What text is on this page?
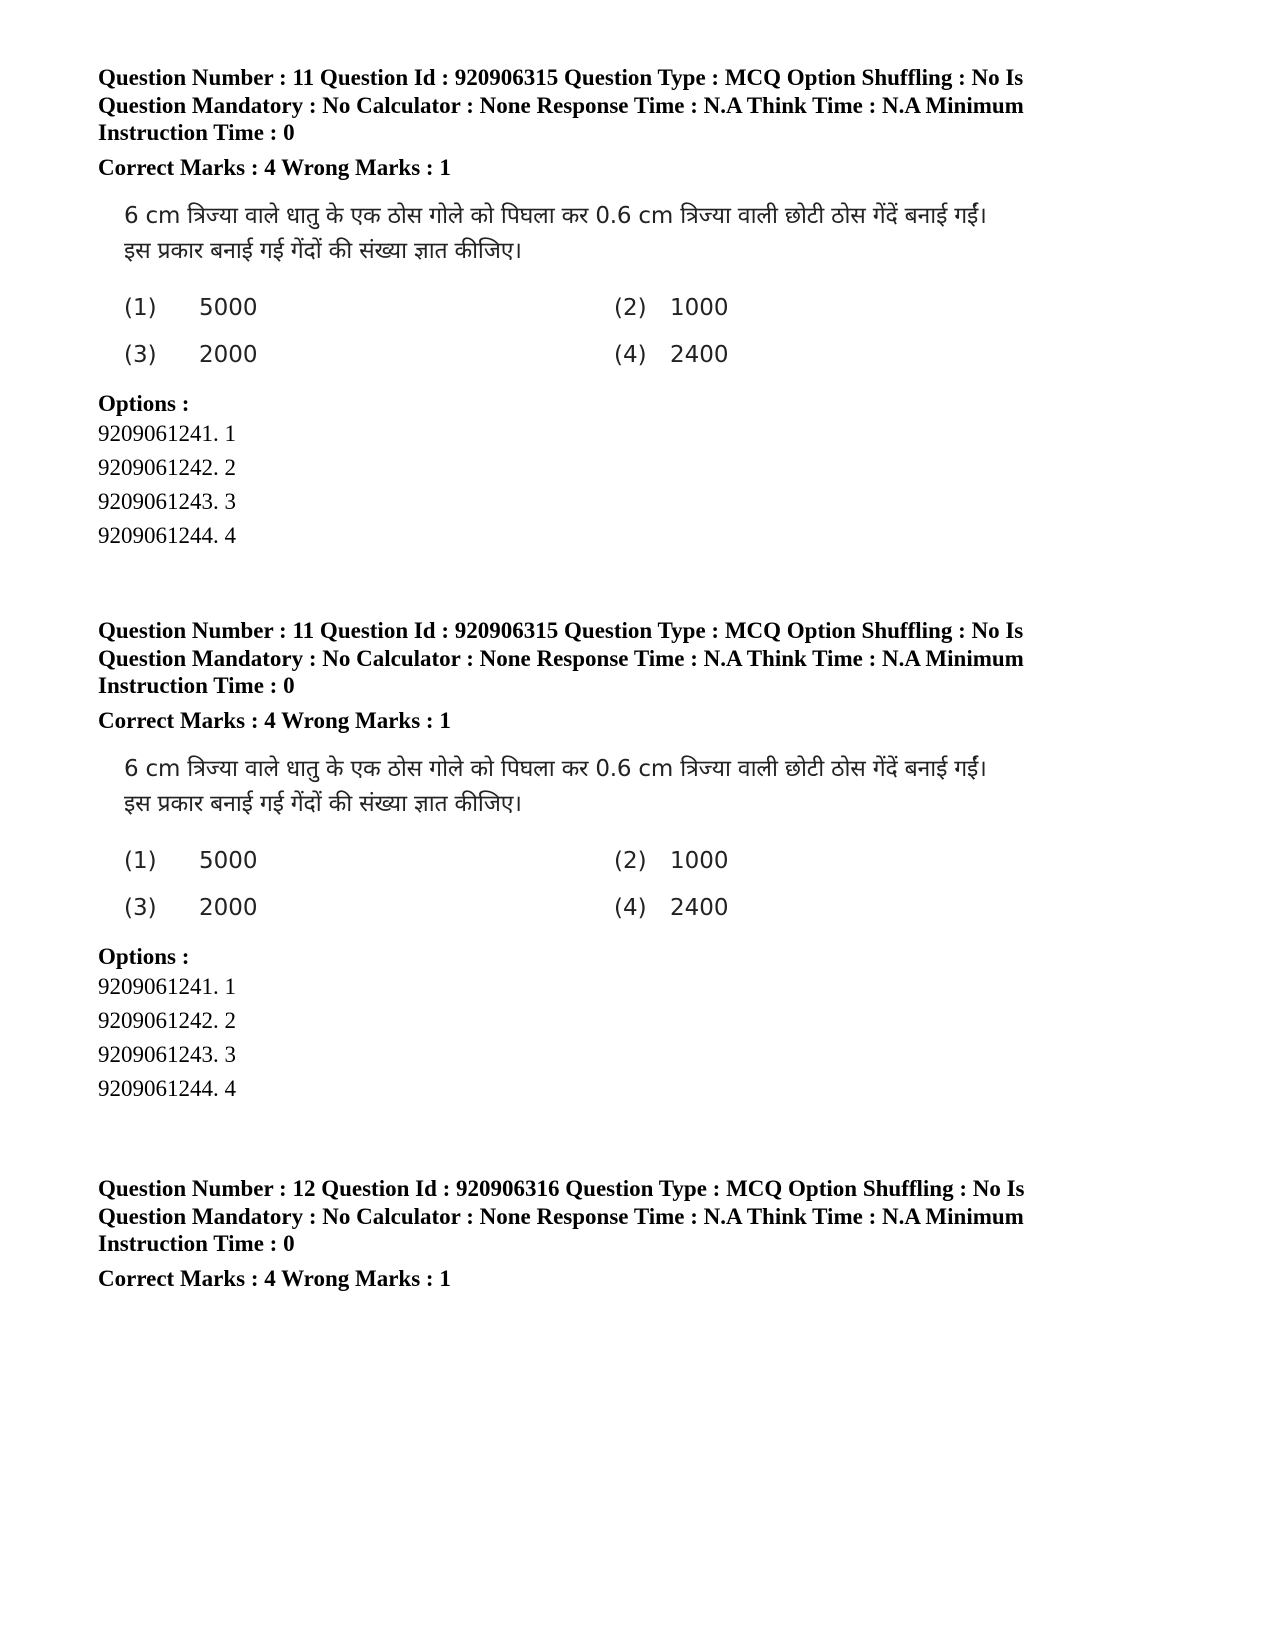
Question Number : 11 Question Id : 920906315 Question Type : MCQ Option Shuffling : No Is
Question Mandatory : No Calculator : None Response Time : N.A Think Time : N.A Minimum
Instruction Time : 0
Correct Marks : 4 Wrong Marks : 1
6 cm त्रिज्या वाले धातु के एक ठोस गोले को पिघला कर 0.6 cm त्रिज्या वाली छोटी ठोस गेंदें बनाई गईं।
इस प्रकार बनाई गई गेंदों की संख्या ज्ञात कीजिए।
(1) 5000	(2) 1000
(3) 2000	(4) 2400
Options :
9209061241. 1
9209061242. 2
9209061243. 3
9209061244. 4
Question Number : 11 Question Id : 920906315 Question Type : MCQ Option Shuffling : No Is
Question Mandatory : No Calculator : None Response Time : N.A Think Time : N.A Minimum
Instruction Time : 0
Correct Marks : 4 Wrong Marks : 1
6 cm त्रिज्या वाले धातु के एक ठोस गोले को पिघला कर 0.6 cm त्रिज्या वाली छोटी ठोस गेंदें बनाई गईं।
इस प्रकार बनाई गई गेंदों की संख्या ज्ञात कीजिए।
(1) 5000	(2) 1000
(3) 2000	(4) 2400
Options :
9209061241. 1
9209061242. 2
9209061243. 3
9209061244. 4
Question Number : 12 Question Id : 920906316 Question Type : MCQ Option Shuffling : No Is
Question Mandatory : No Calculator : None Response Time : N.A Think Time : N.A Minimum
Instruction Time : 0
Correct Marks : 4 Wrong Marks : 1
